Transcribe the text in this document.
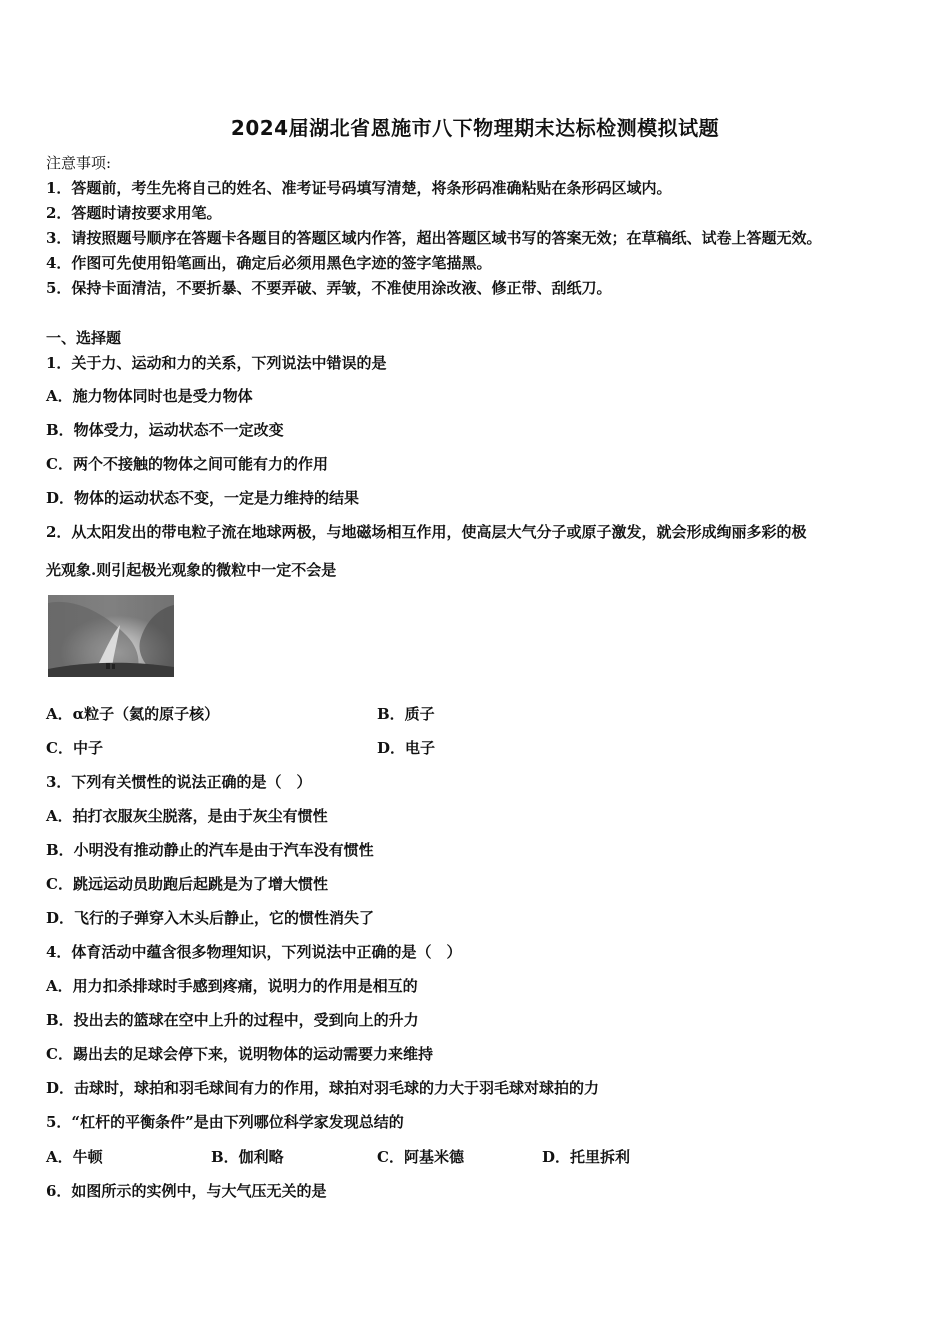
2024届湖北省恩施市八下物理期末达标检测模拟试题
注意事项:
1．答题前，考生先将自己的姓名、准考证号码填写清楚，将条形码准确粘贴在条形码区域内。
2．答题时请按要求用笔。
3．请按照题号顺序在答题卡各题目的答题区域内作答，超出答题区域书写的答案无效；在草稿纸、试卷上答题无效。
4．作图可先使用铅笔画出，确定后必须用黑色字迹的签字笔描黑。
5．保持卡面清洁，不要折暴、不要弄破、弄皱，不准使用涂改液、修正带、刮纸刀。
一、选择题
1．关于力、运动和力的关系，下列说法中错误的是
A．施力物体同时也是受力物体
B．物体受力，运动状态不一定改变
C．两个不接触的物体之间可能有力的作用
D．物体的运动状态不变，一定是力维持的结果
2．从太阳发出的带电粒子流在地球两极，与地磁场相互作用，使高层大气分子或原子激发，就会形成绚丽多彩的极
光观象.则引起极光观象的微粒中一定不会是
A．α粒子（氦的原子核）	B．质子
C．中子	D．电子
3．下列有关惯性的说法正确的是（　）
A．拍打衣服灰尘脱落，是由于灰尘有惯性
B．小明没有推动静止的汽车是由于汽车没有惯性
C．跳远运动员助跑后起跳是为了增大惯性
D．飞行的子弹穿入木头后静止，它的惯性消失了
4．体育活动中蕴含很多物理知识，下列说法中正确的是（　）
A．用力扣杀排球时手感到疼痛，说明力的作用是相互的
B．投出去的篮球在空中上升的过程中，受到向上的升力
C．踢出去的足球会停下来，说明物体的运动需要力来维持
D．击球时，球拍和羽毛球间有力的作用，球拍对羽毛球的力大于羽毛球对球拍的力
5．“杠杆的平衡条件”是由下列哪位科学家发现总结的
A．牛顿	B．伽利略	C．阿基米德	D．托里拆利
6．如图所示的实例中，与大气压无关的是
